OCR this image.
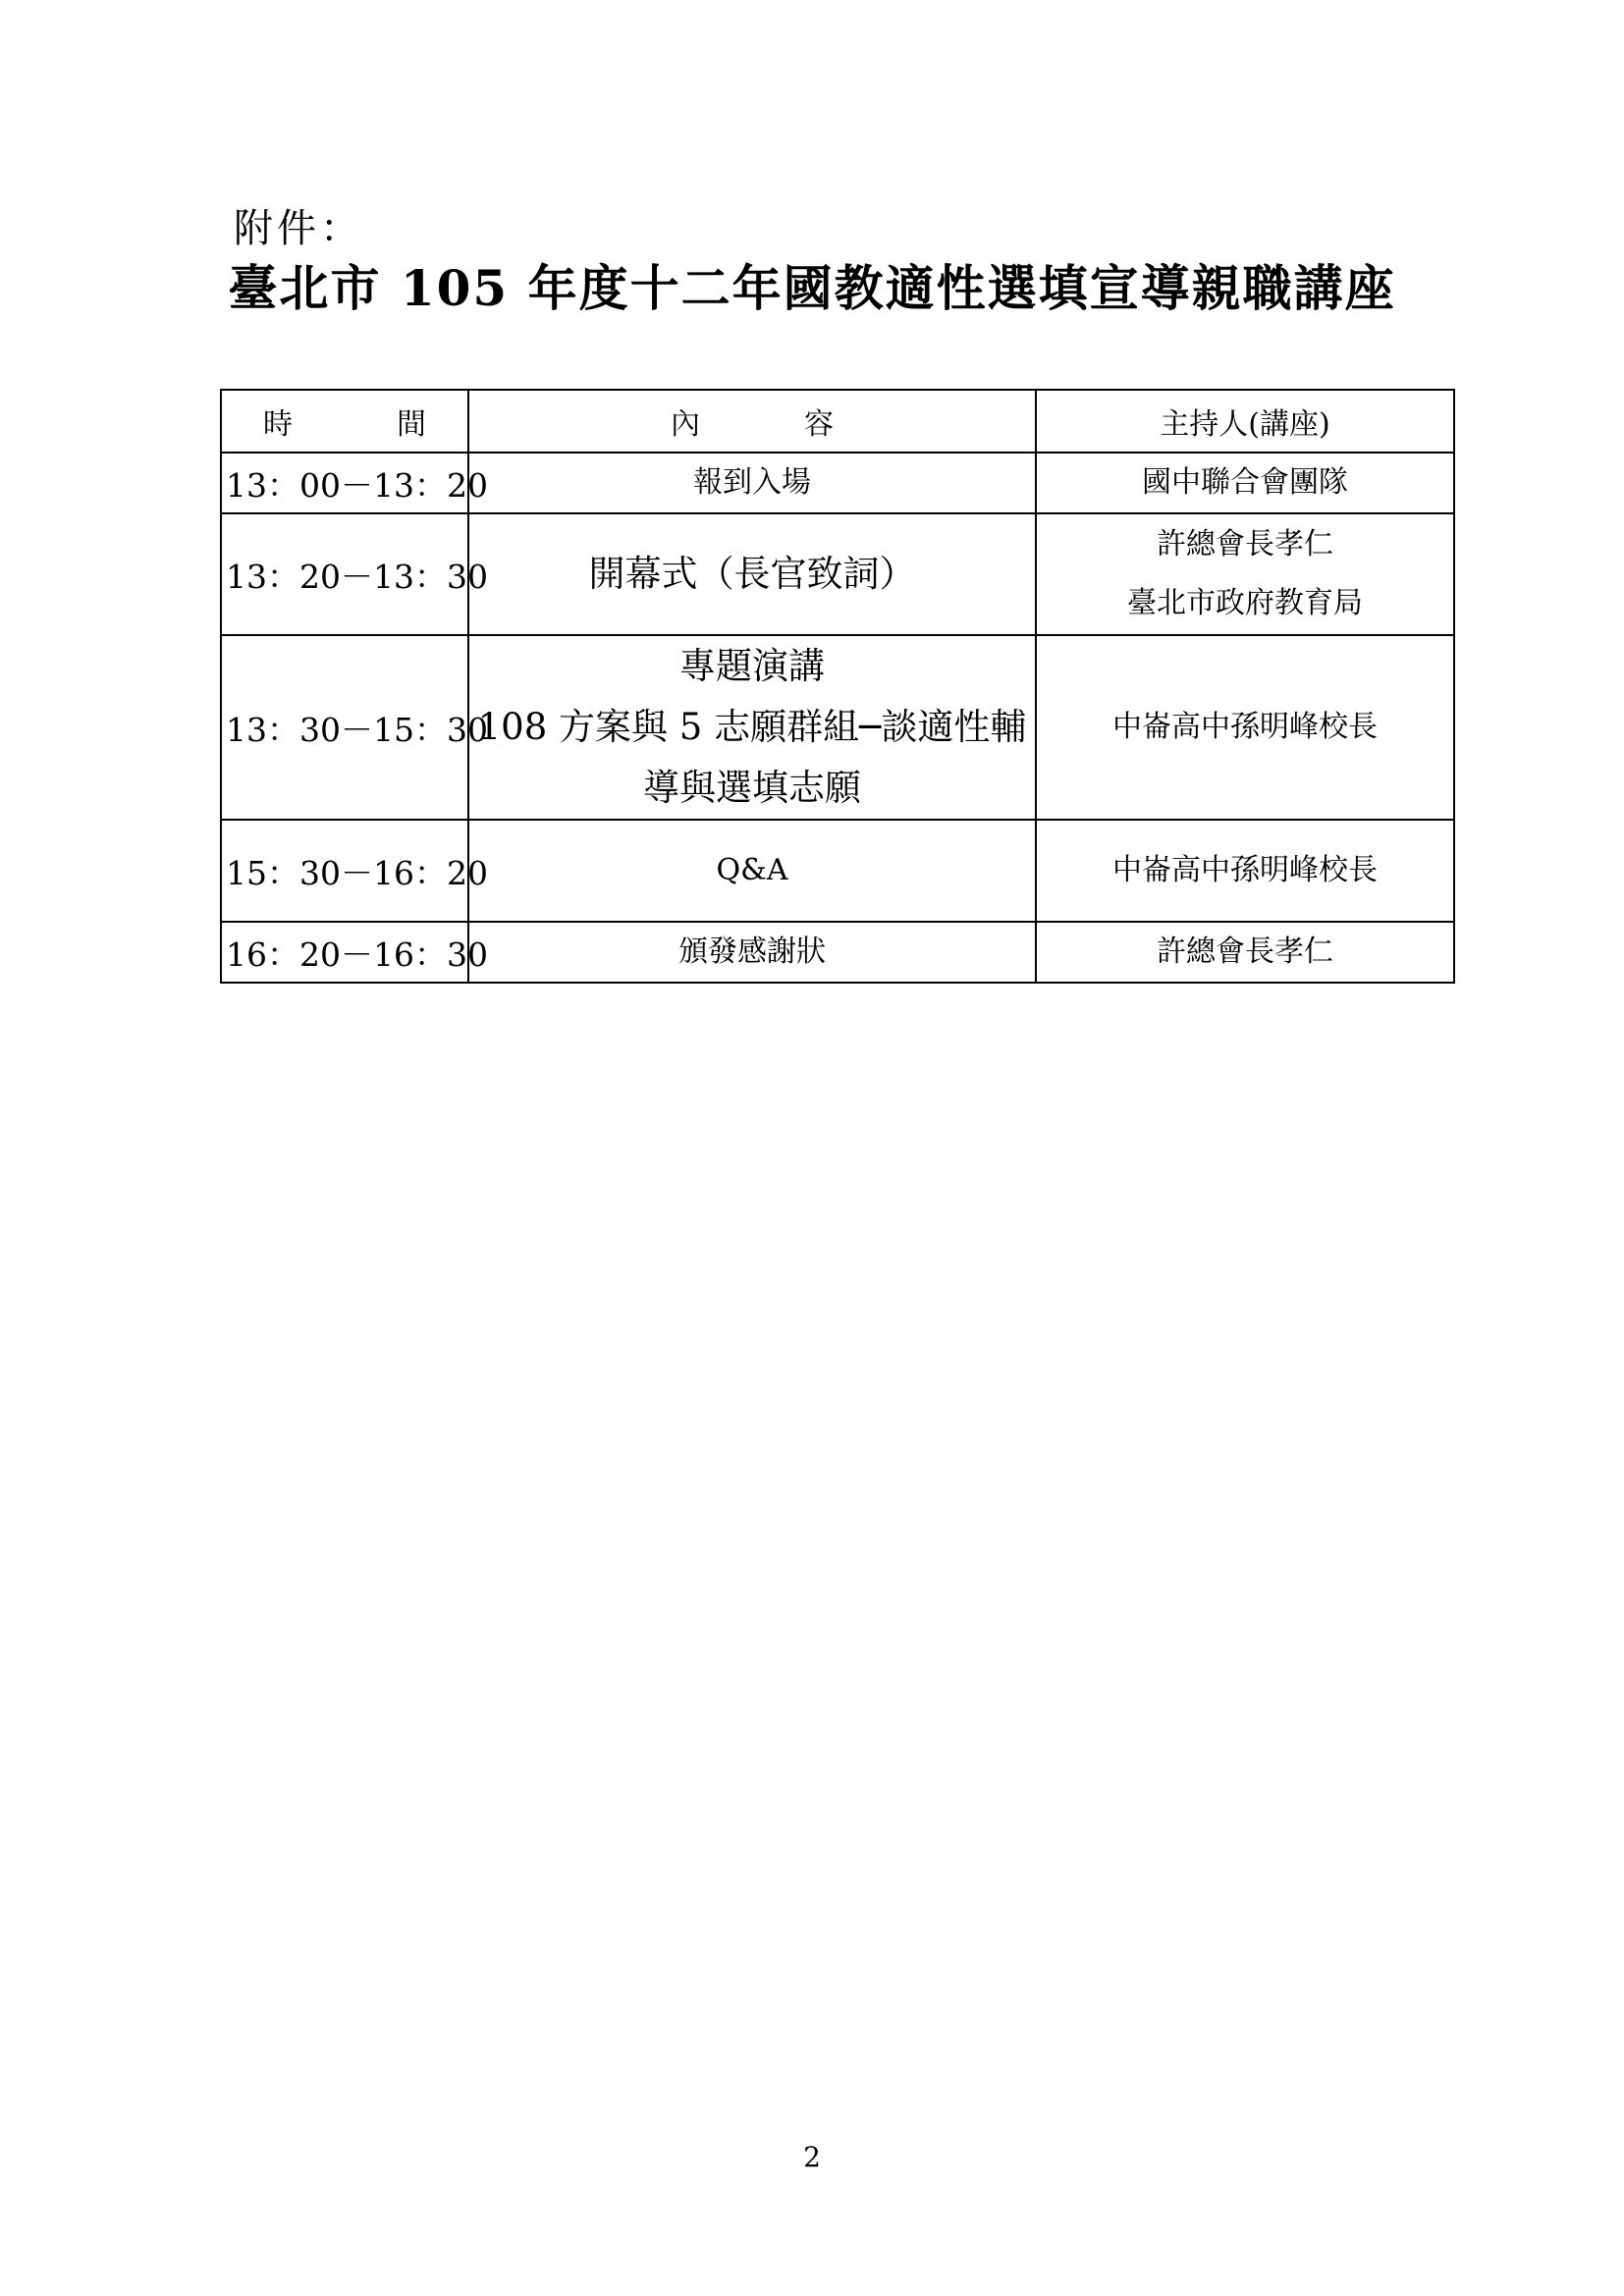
附件：
臺北市 105 年度十二年國教適性選填宣導親職講座
時　間	內　容	主持人(講座)
13：00－13：20	報到入場	國中聯合會團隊
13：20－13：30	開幕式（長官致詞）	許總會長孝仁
臺北市政府教育局

13：30－15：30	專題演講
108 方案與 5 志願群組─談適性輔
導與選填志願	中崙高中孫明峰校長
15：30－16：20	Q&A	中崙高中孫明峰校長
16：20－16：30	頒發感謝狀	許總會長孝仁
2
